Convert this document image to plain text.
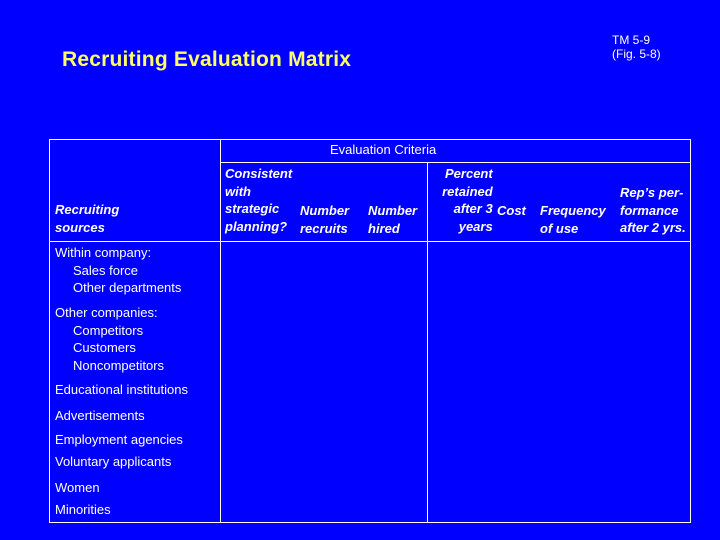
Recruiting Evaluation Matrix
TM 5-9
(Fig. 5-8)
Evaluation Criteria
Recruiting
sources
Consistent
with
strategic
planning?
Number
recruits
Number
hired
Percent
retained
after 3
years
Cost Frequency
of use
Rep’s per-
formance
after 2 yrs.
Within company:
Sales force
Other departments
Other companies:
Competitors
Customers
Noncompetitors
Educational institutions
Advertisements
Employment agencies
Voluntary applicants
Women
Minorities
